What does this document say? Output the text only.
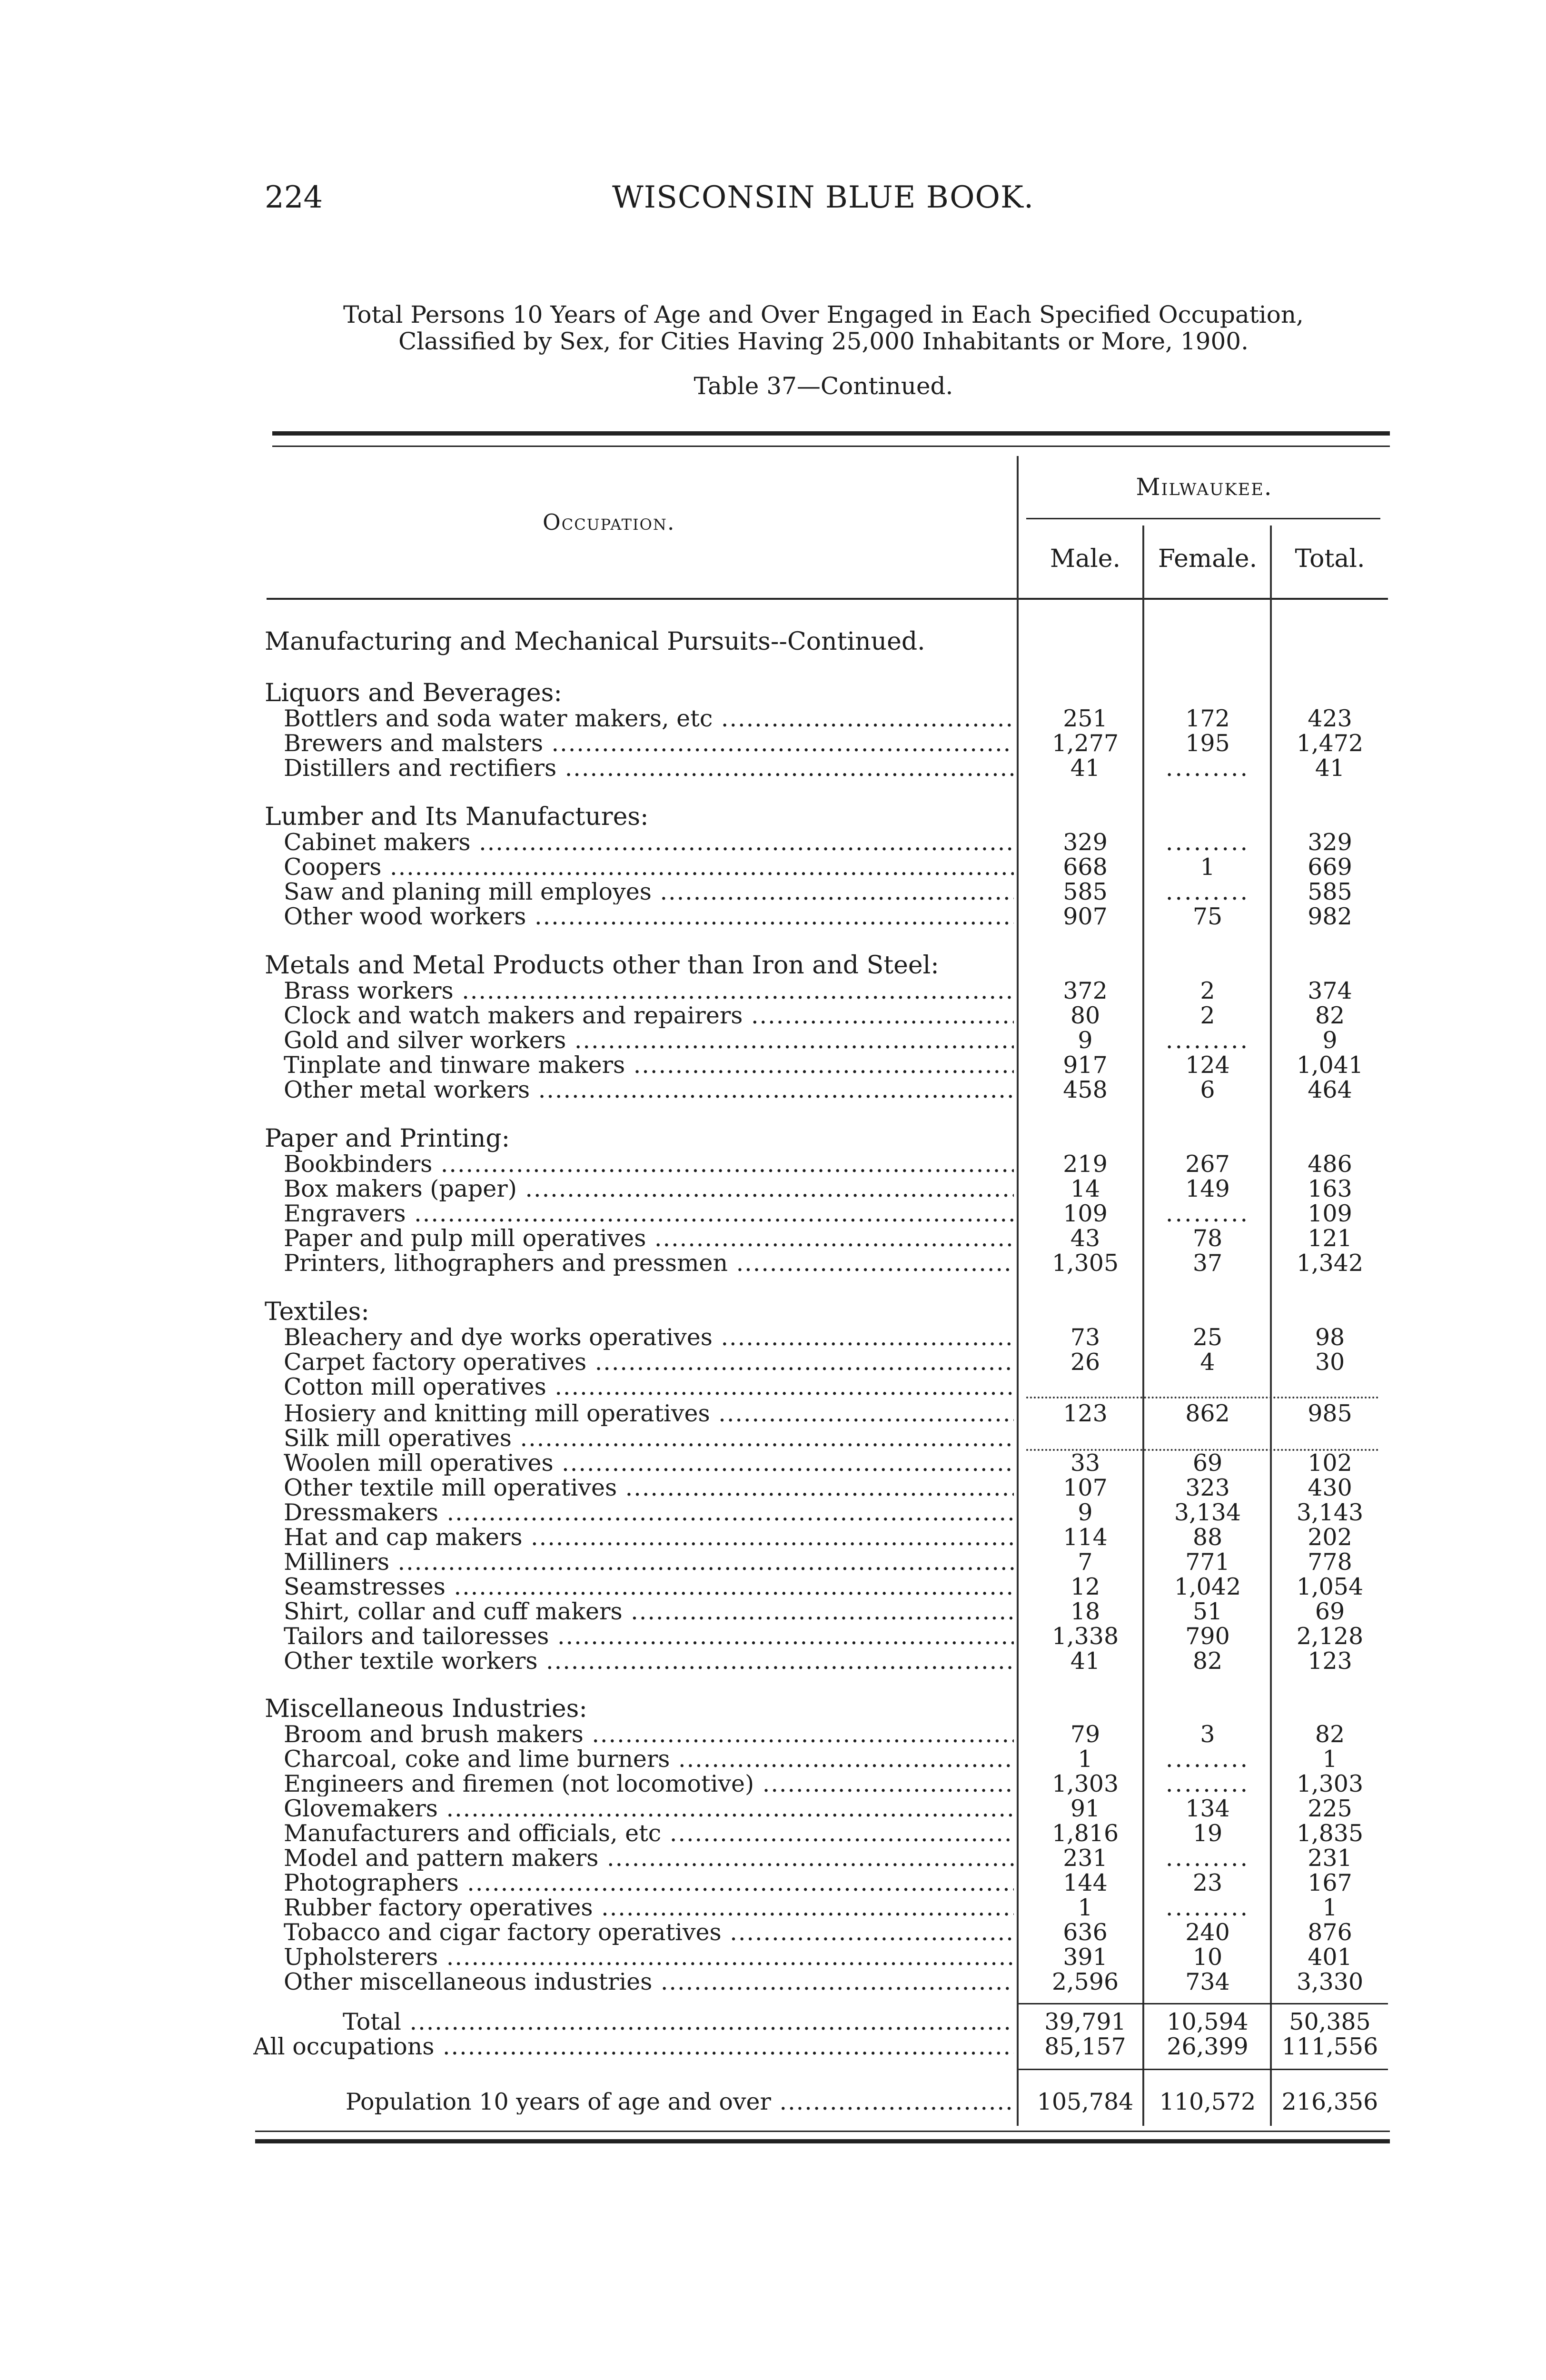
224	WISCONSIN BLUE BOOK.
Total Persons 10 Years of Age and Over Engaged in Each Specified Occupation,
Classified by Sex, for Cities Having 25,000 Inhabitants or More, 1900.
Table 37—Continued.
Occupation.
Milwaukee.
Male.	Female.	Total.
Manufacturing and Mechanical Pursuits--Continued.
Liquors and Beverages:
Bottlers and soda water makers, etc .....	251	172	423
Brewers and malsters .....	1,277	195	1,472
Distillers and rectifiers .....	41	.........	41
Lumber and Its Manufactures:
Cabinet makers .....	329	.........	329
Coopers .....	668	1	669
Saw and planing mill employes .....	585	.........	585
Other wood workers .....	907	75	982
Metals and Metal Products other than Iron and Steel:
Brass workers .....	372	2	374
Clock and watch makers and repairers .....	80	2	82
Gold and silver workers .....	9	.........	9
Tinplate and tinware makers .....	917	124	1,041
Other metal workers .....	458	6	464
Paper and Printing:
Bookbinders .....	219	267	486
Box makers (paper) .....	14	149	163
Engravers .....	109	.........	109
Paper and pulp mill operatives .....	43	78	121
Printers, lithographers and pressmen .....	1,305	37	1,342
Textiles:
Bleachery and dye works operatives .....	73	25	98
Carpet factory operatives .....	26	4	30
Cotton mill operatives .....
Hosiery and knitting mill operatives .....	123	862	985
Silk mill operatives .....
Woolen mill operatives .....	33	69	102
Other textile mill operatives .....	107	323	430
Dressmakers .....	9	3,134	3,143
Hat and cap makers .....	114	88	202
Milliners .....	7	771	778
Seamstresses .....	12	1,042	1,054
Shirt, collar and cuff makers .....	18	51	69
Tailors and tailoresses .....	1,338	790	2,128
Other textile workers .....	41	82	123
Miscellaneous Industries:
Broom and brush makers .....	79	3	82
Charcoal, coke and lime burners .....	1	.........	1
Engineers and firemen (not locomotive) .....	1,303	.........	1,303
Glovemakers .....	91	134	225
Manufacturers and officials, etc .....	1,816	19	1,835
Model and pattern makers .....	231	.........	231
Photographers .....	144	23	167
Rubber factory operatives .....	1	.........	1
Tobacco and cigar factory operatives .....	636	240	876
Upholsterers .....	391	10	401
Other miscellaneous industries .....	2,596	734	3,330
Total .....	39,791	10,594	50,385
All occupations .....	85,157	26,399	111,556
Population 10 years of age and over .....	105,784	110,572	216,356
